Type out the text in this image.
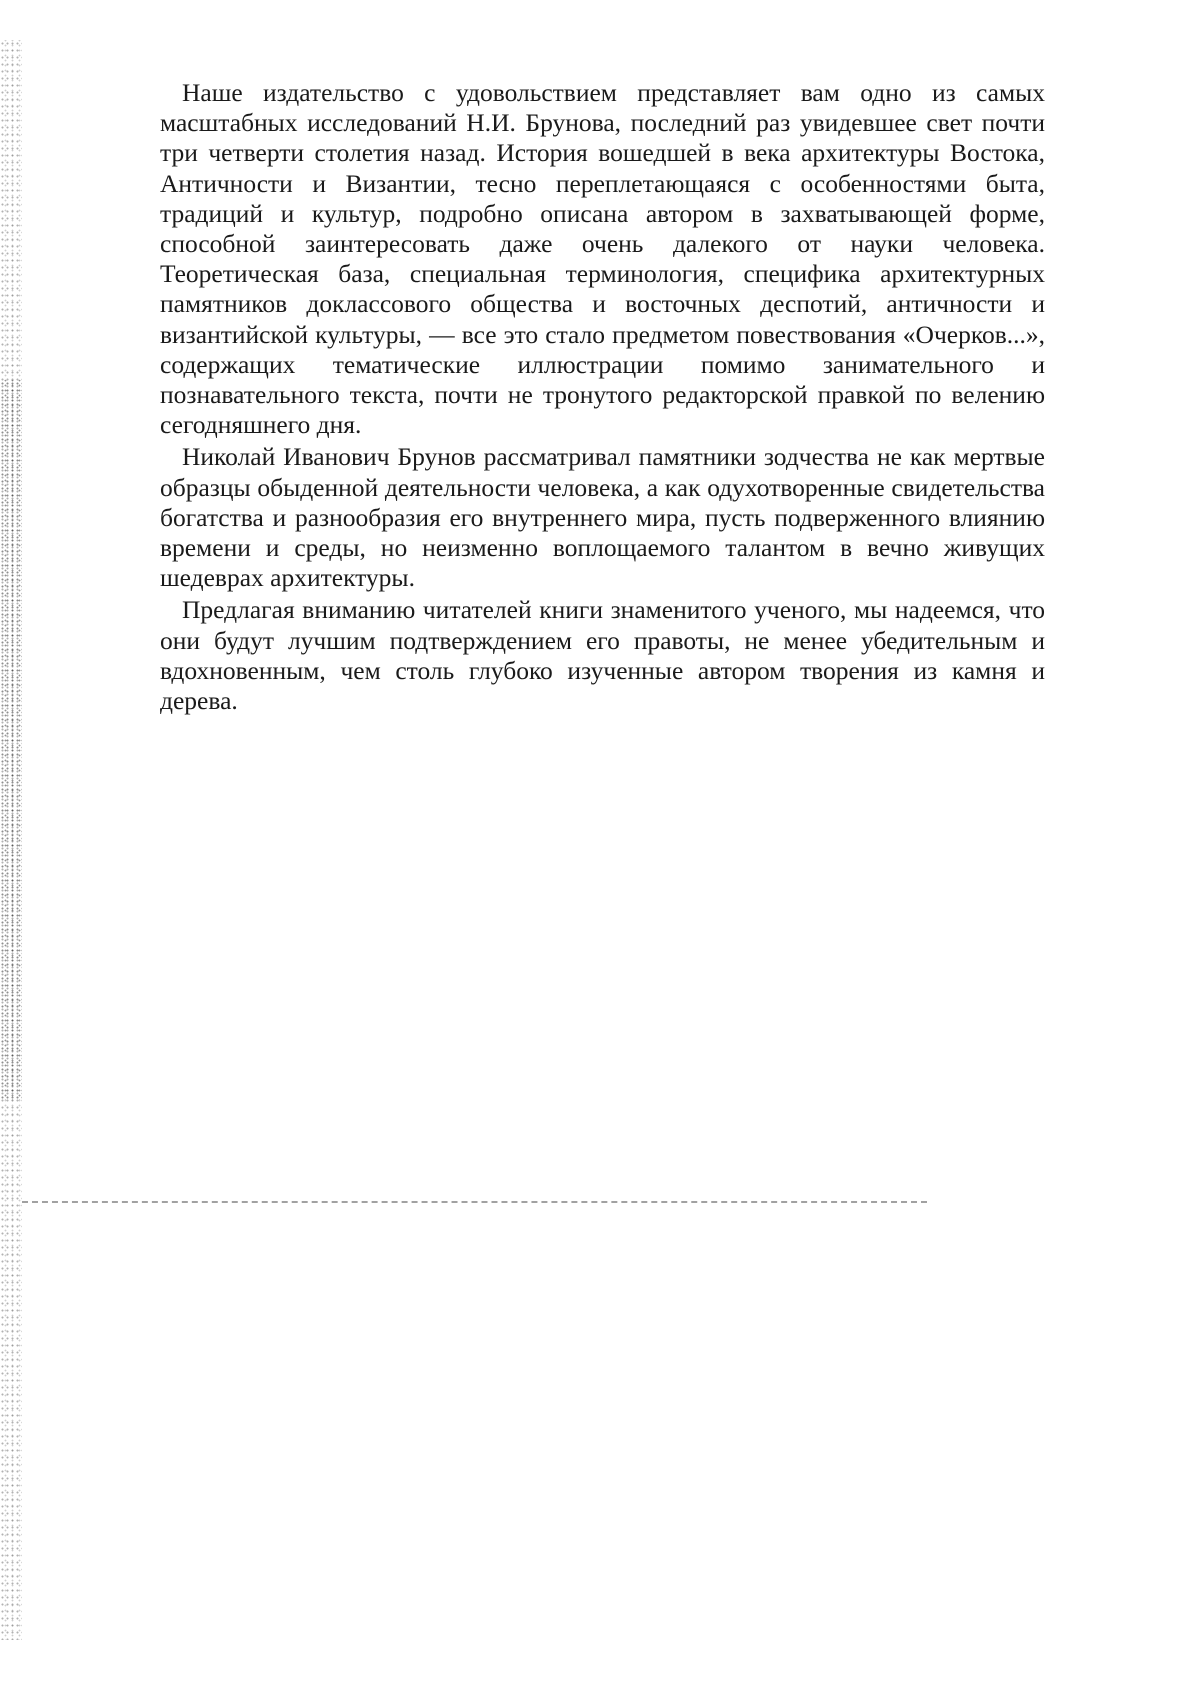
Наше издательство с удовольствием представляет вам одно из самых масштабных исследований Н.И. Брунова, последний раз увидевшее свет почти три четверти столетия назад. История вошедшей в века архитектуры Востока, Античности и Византии, тесно переплетающаяся с особенностями быта, традиций и культур, подробно описана автором в захватывающей форме, способной заинтересовать даже очень далекого от науки человека. Теоретическая база, специальная терминология, специфика архитектурных памятников доклассового общества и восточных деспотий, античности и византийской культуры, — все это стало предметом повествования «Очерков...», содержащих тематические иллюстрации помимо занимательного и познавательного текста, почти не тронутого редакторской правкой по велению сегодняшнего дня.

Николай Иванович Брунов рассматривал памятники зодчества не как мертвые образцы обыденной деятельности человека, а как одухотворенные свидетельства богатства и разнообразия его внутреннего мира, пусть подверженного влиянию времени и среды, но неизменно воплощаемого талантом в вечно живущих шедеврах архитектуры.

Предлагая вниманию читателей книги знаменитого ученого, мы надеемся, что они будут лучшим подтверждением его правоты, не менее убедительным и вдохновенным, чем столь глубоко изученные автором творения из камня и дерева.
